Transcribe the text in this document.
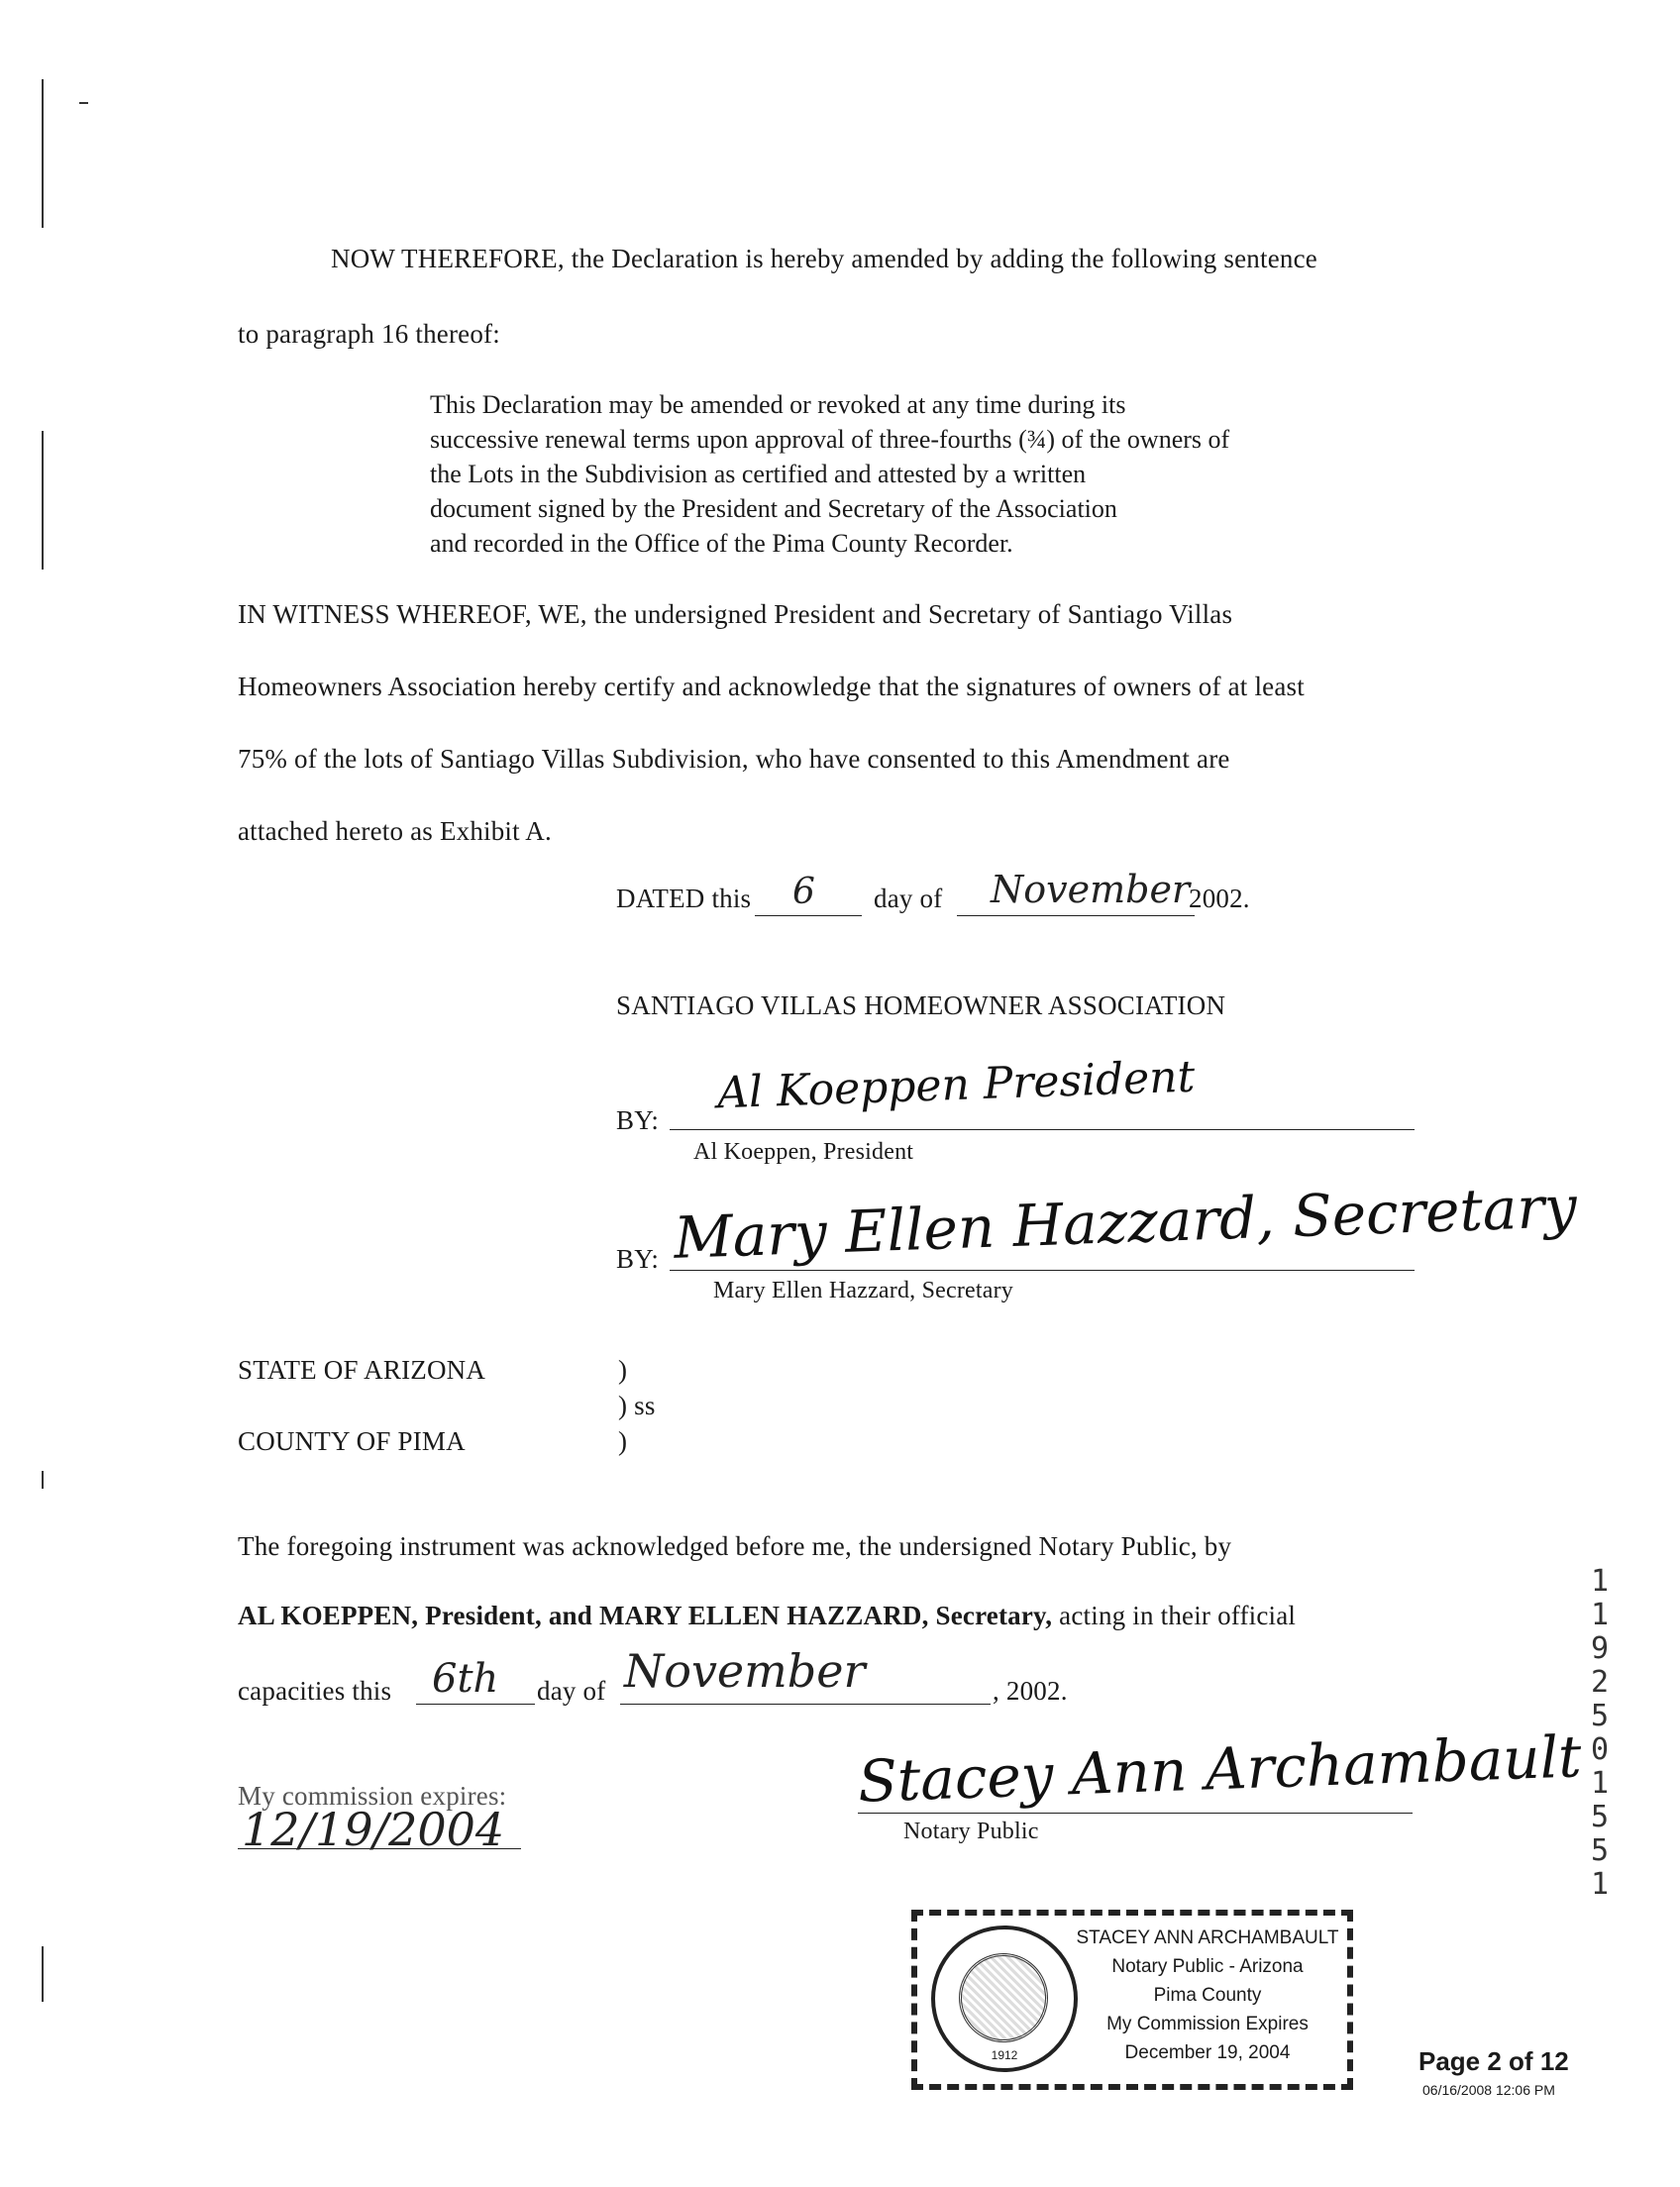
NOW THEREFORE, the Declaration is hereby amended by adding the following sentence
to paragraph 16 thereof:
This Declaration may be amended or revoked at any time during its
successive renewal terms upon approval of three-fourths (¾) of the owners of
the Lots in the Subdivision as certified and attested by a written
document signed by the President and Secretary of the Association
and recorded in the Office of the Pima County Recorder.
IN WITNESS WHEREOF, WE, the undersigned President and Secretary of Santiago Villas
Homeowners Association hereby certify and acknowledge that the signatures of owners of at least
75% of the lots of Santiago Villas Subdivision, who have consented to this Amendment are
attached hereto as Exhibit A.
DATED this 6 day of November
2002.
SANTIAGO VILLAS HOMEOWNER ASSOCIATION
BY:
Al Koeppen President
Al Koeppen, President
BY: Mary Ellen Hazzard, Secretary
Mary Ellen Hazzard, Secretary
STATE OF ARIZONA	)
) ss
COUNTY OF PIMA	)
The foregoing instrument was acknowledged before me, the undersigned Notary Public, by
AL KOEPPEN, President, and MARY ELLEN HAZZARD, Secretary, acting in their official
capacities this 6th day of November	, 2002.
My commission expires:
12/19/2004
Stacey Ann Archambault
Notary Public
1192501551
1912
STACEY ANN ARCHAMBAULT
Notary Public - Arizona
Pima County
My Commission Expires
December 19, 2004	Page 2 of 12
06/16/2008 12:06 PM
